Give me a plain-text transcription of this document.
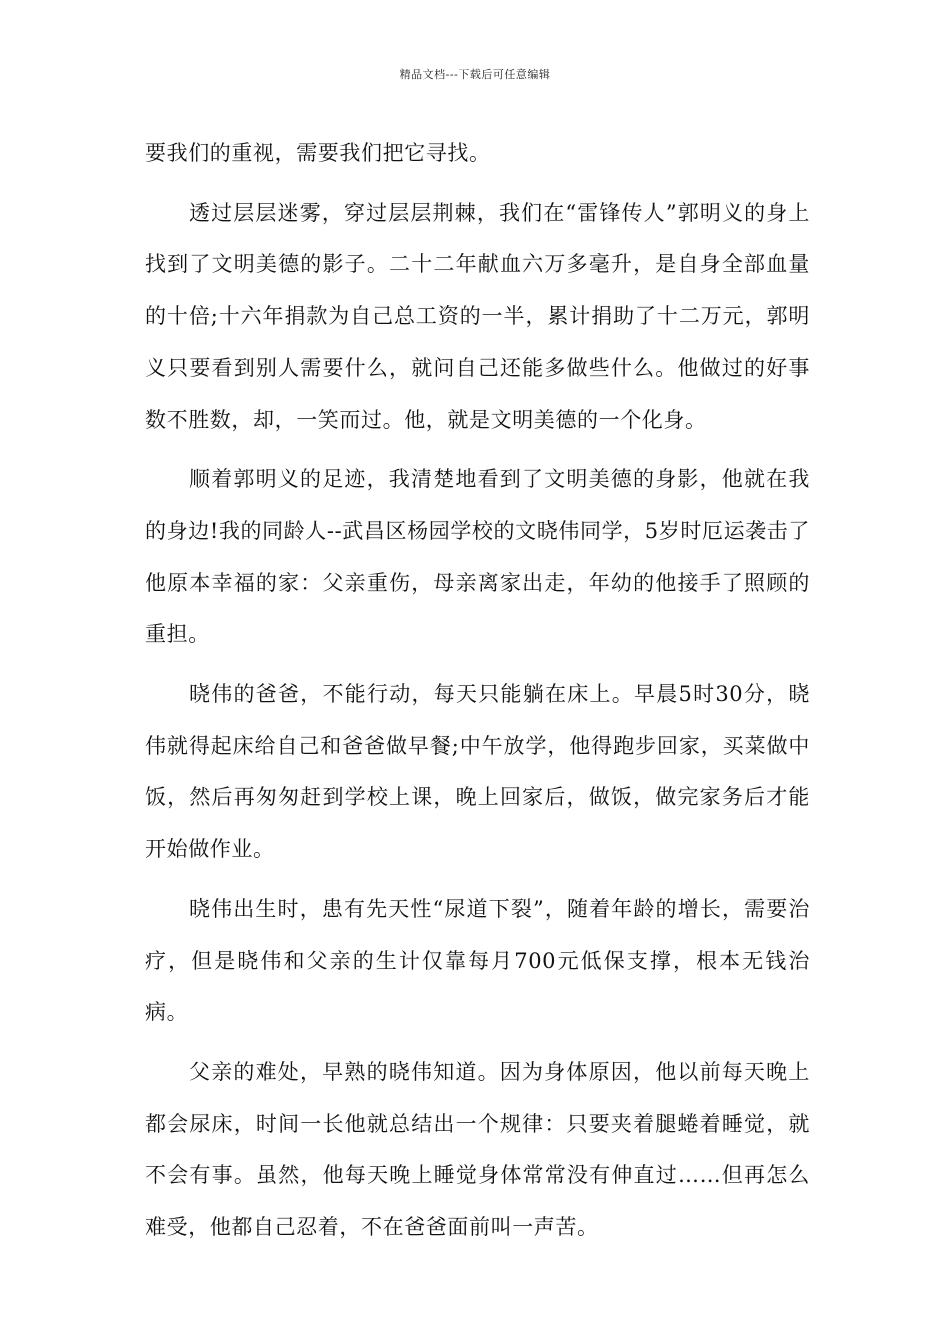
精品文档---下载后可任意编辑

要我们的重视，需要我们把它寻找。

透过层层迷雾，穿过层层荆棘，我们在“雷锋传人”郭明义的身上找到了文明美德的影子。二十二年献血六万多毫升，是自身全部血量的十倍;十六年捐款为自己总工资的一半，累计捐助了十二万元，郭明义只要看到别人需要什么，就问自己还能多做些什么。他做过的好事数不胜数，却，一笑而过。他，就是文明美德的一个化身。

顺着郭明义的足迹，我清楚地看到了文明美德的身影，他就在我的身边!我的同龄人--武昌区杨园学校的文晓伟同学，5岁时厄运袭击了他原本幸福的家：父亲重伤，母亲离家出走，年幼的他接手了照顾的重担。

晓伟的爸爸，不能行动，每天只能躺在床上。早晨5时30分，晓伟就得起床给自己和爸爸做早餐;中午放学，他得跑步回家，买菜做中饭，然后再匆匆赶到学校上课，晚上回家后，做饭，做完家务后才能开始做作业。

晓伟出生时，患有先天性“尿道下裂”，随着年龄的增长，需要治疗，但是晓伟和父亲的生计仅靠每月700元低保支撑，根本无钱治病。

父亲的难处，早熟的晓伟知道。因为身体原因，他以前每天晚上都会尿床，时间一长他就总结出一个规律：只要夹着腿蜷着睡觉，就不会有事。虽然，他每天晚上睡觉身体常常没有伸直过……但再怎么难受，他都自己忍着，不在爸爸面前叫一声苦。
